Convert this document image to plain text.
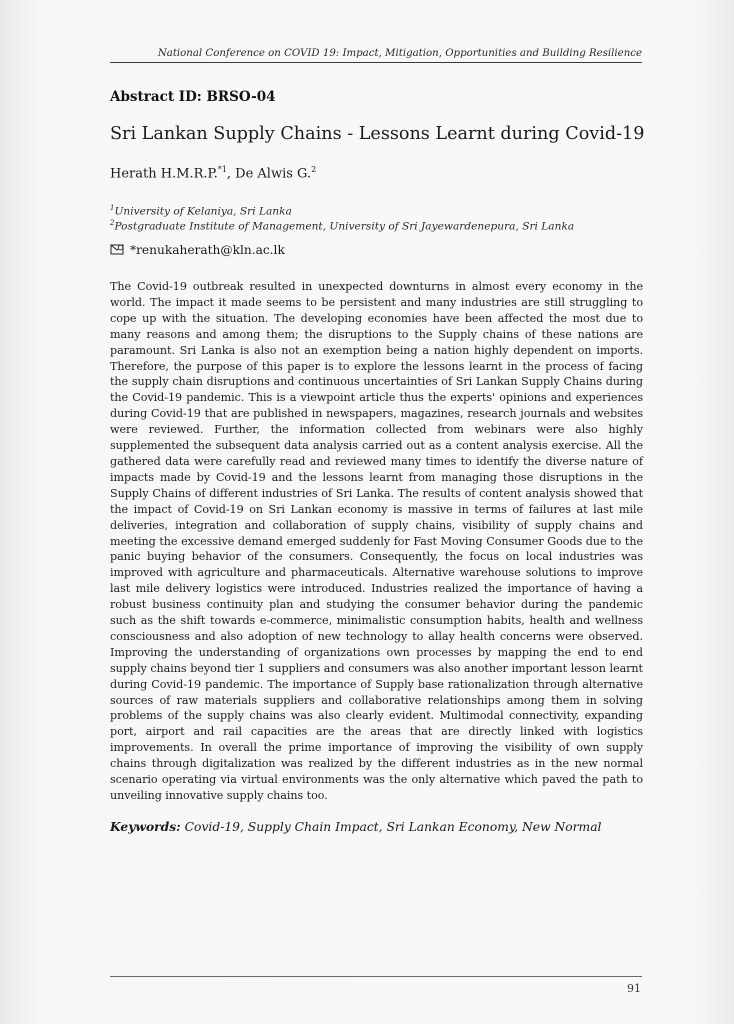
National Conference on COVID 19: Impact, Mitigation, Opportunities and Building Resilience
Abstract ID: BRSO-04
Sri Lankan Supply Chains - Lessons Learnt during Covid-19
Herath H.M.R.P.$^{*1}$, De Alwis G.$^2$
$^1$University of Kelaniya, Sri Lanka
$^2$Postgraduate Institute of Management, University of Sri Jayewardenepura, Sri Lanka
*renukaherath@kln.ac.lk

The Covid-19 outbreak resulted in unexpected downturns in almost every economy in the world. The impact it made seems to be persistent and many industries are still struggling to cope up with the situation. The developing economies have been affected the most due to many reasons and among them; the disruptions to the Supply chains of these nations are paramount. Sri Lanka is also not an exemption being a nation highly dependent on imports. Therefore, the purpose of this paper is to explore the lessons learnt in the process of facing the supply chain disruptions and continuous uncertainties of Sri Lankan Supply Chains during the Covid-19 pandemic. This is a viewpoint article thus the experts' opinions and experiences during Covid-19 that are published in newspapers, magazines, research journals and websites were reviewed. Further, the information collected from webinars were also highly supplemented the subsequent data analysis carried out as a content analysis exercise. All the gathered data were carefully read and reviewed many times to identify the diverse nature of impacts made by Covid-19 and the lessons learnt from managing those disruptions in the Supply Chains of different industries of Sri Lanka. The results of content analysis showed that the impact of Covid-19 on Sri Lankan economy is massive in terms of failures at last mile deliveries, integration and collaboration of supply chains, visibility of supply chains and meeting the excessive demand emerged suddenly for Fast Moving Consumer Goods due to the panic buying behavior of the consumers. Consequently, the focus on local industries was improved with agriculture and pharmaceuticals. Alternative warehouse solutions to improve last mile delivery logistics were introduced. Industries realized the importance of having a robust business continuity plan and studying the consumer behavior during the pandemic such as the shift towards e-commerce, minimalistic consumption habits, health and wellness consciousness and also adoption of new technology to allay health concerns were observed. Improving the understanding of organizations own processes by mapping the end to end supply chains beyond tier 1 suppliers and consumers was also another important lesson learnt during Covid-19 pandemic. The importance of Supply base rationalization through alternative sources of raw materials suppliers and collaborative relationships among them in solving problems of the supply chains was also clearly evident. Multimodal connectivity, expanding port, airport and rail capacities are the areas that are directly linked with logistics improvements. In overall the prime importance of improving the visibility of own supply chains through digitalization was realized by the different industries as in the new normal scenario operating via virtual environments was the only alternative which paved the path to unveiling innovative supply chains too.

Keywords: Covid-19, Supply Chain Impact, Sri Lankan Economy, New Normal
91
